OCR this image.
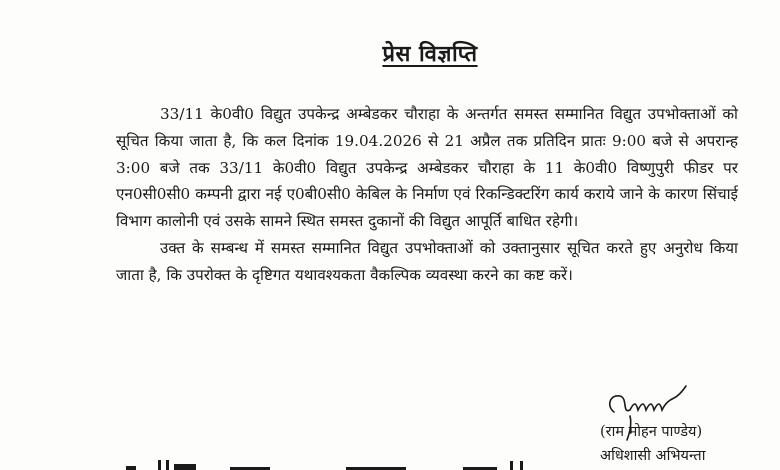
प्रेस विज्ञप्ति

33/11 के0वी0 विद्युत उपकेन्द्र अम्बेडकर चौराहा के अन्तर्गत समस्त सम्मानित विद्युत उपभोक्ताओं को सूचित किया जाता है, कि कल दिनांक 19.04.2026 से 21 अप्रैल तक प्रतिदिन प्रातः 9:00 बजे से अपरान्ह 3:00 बजे तक 33/11 के0वी0 विद्युत उपकेन्द्र अम्बेडकर चौराहा के 11 के0वी0 विष्णुपुरी फीडर पर एन0सी0सी0 कम्पनी द्वारा नई ए0बी0सी0 केबिल के निर्माण एवं रिकन्डिक्टरिंग कार्य कराये जाने के कारण सिंचाई विभाग कालोनी एवं उसके सामने स्थित समस्त दुकानों की विद्युत आपूर्ति बाधित रहेगी।

उक्त के सम्बन्ध में समस्त सम्मानित विद्युत उपभोक्ताओं को उक्तानुसार सूचित करते हुए अनुरोध किया जाता है, कि उपरोक्त के दृष्टिगत यथावश्यकता वैकल्पिक व्यवस्था करने का कष्ट करें।

(राम मोहन पाण्डेय)
अधिशासी अभियन्ता
